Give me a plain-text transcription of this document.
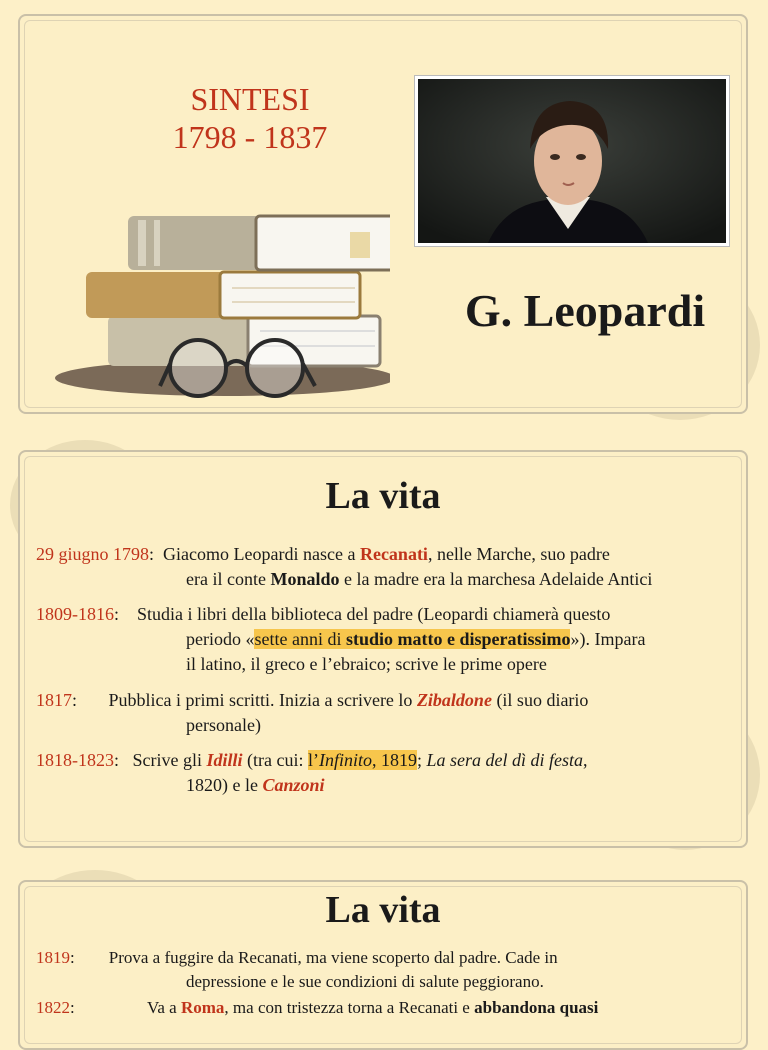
SINTESI
1798 - 1837
G. Leopardi
La vita
29 giugno 1798:  Giacomo Leopardi nasce a Recanati, nelle Marche, suo padre
era il conte Monaldo e la madre era la marchesa Adelaide Antici
1809-1816:    Studia i libri della biblioteca del padre (Leopardi chiamerà questo
periodo «sette anni di studio matto e disperatissimo»). Impara
il latino, il greco e l’ebraico; scrive le prime opere
1817:       Pubblica i primi scritti. Inizia a scrivere lo Zibaldone (il suo diario
personale)
1818-1823:   Scrive gli Idilli (tra cui: l’Infinito, 1819; La sera del dì di festa,
1820) e le Canzoni
La vita
1819:        Prova a fuggire da Recanati, ma viene scoperto dal padre. Cade in
depressione e le sue condizioni di salute peggiorano.
1822:                 Va a Roma, ma con tristezza torna a Recanati e abbandona quasi
